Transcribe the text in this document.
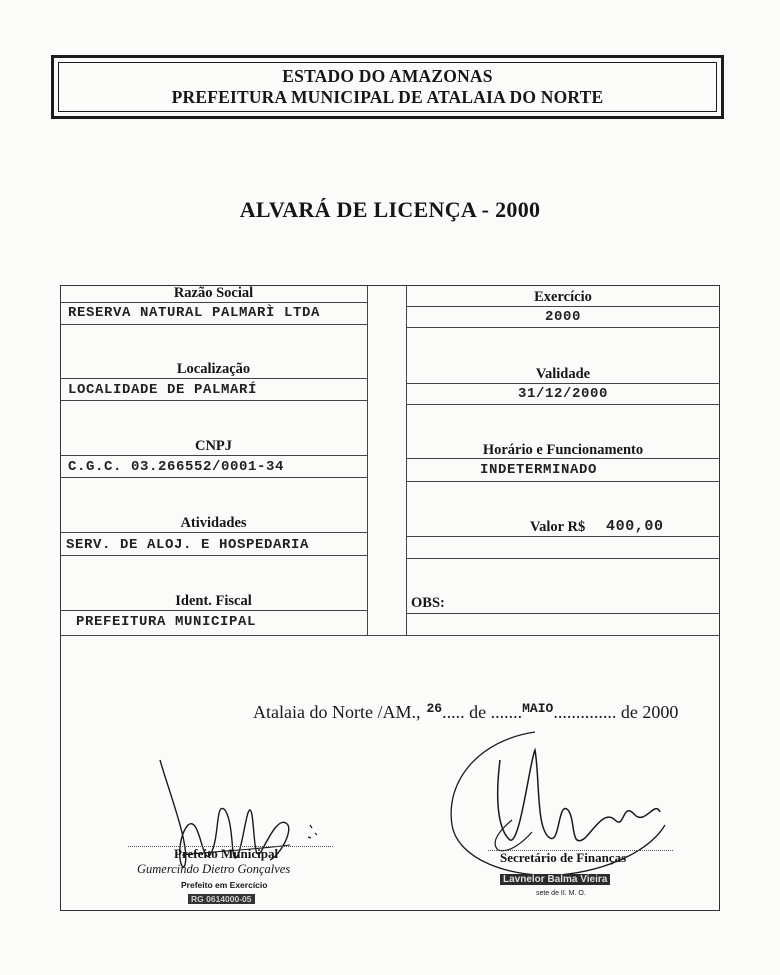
ESTADO DO AMAZONAS
PREFEITURA MUNICIPAL DE ATALAIA DO NORTE
ALVARÁ DE LICENÇA - 2000
Razão Social
RESERVA NATURAL PALMARÌ LTDA
Localização
LOCALIDADE DE PALMARÍ
CNPJ
C.G.C. 03.266552/0001-34
Atividades
SERV. DE ALOJ. E HOSPEDARIA
Ident. Fiscal
PREFEITURA MUNICIPAL
Exercício
2000
Validade
31/12/2000
Horário e Funcionamento
INDETERMINADO
Valor R$ 400,00
OBS:
Atalaia do Norte /AM.,   $^{26}$..... de .......$^{MAIO}$.............. de 2000
Prefeito Municipal
Gumercindo Dietro Gonçalves
Prefeito em Exercício
RG 0614000-05
Secretário de Finanças
Lavnelor Balma Vieira
sete de II. M. O.
